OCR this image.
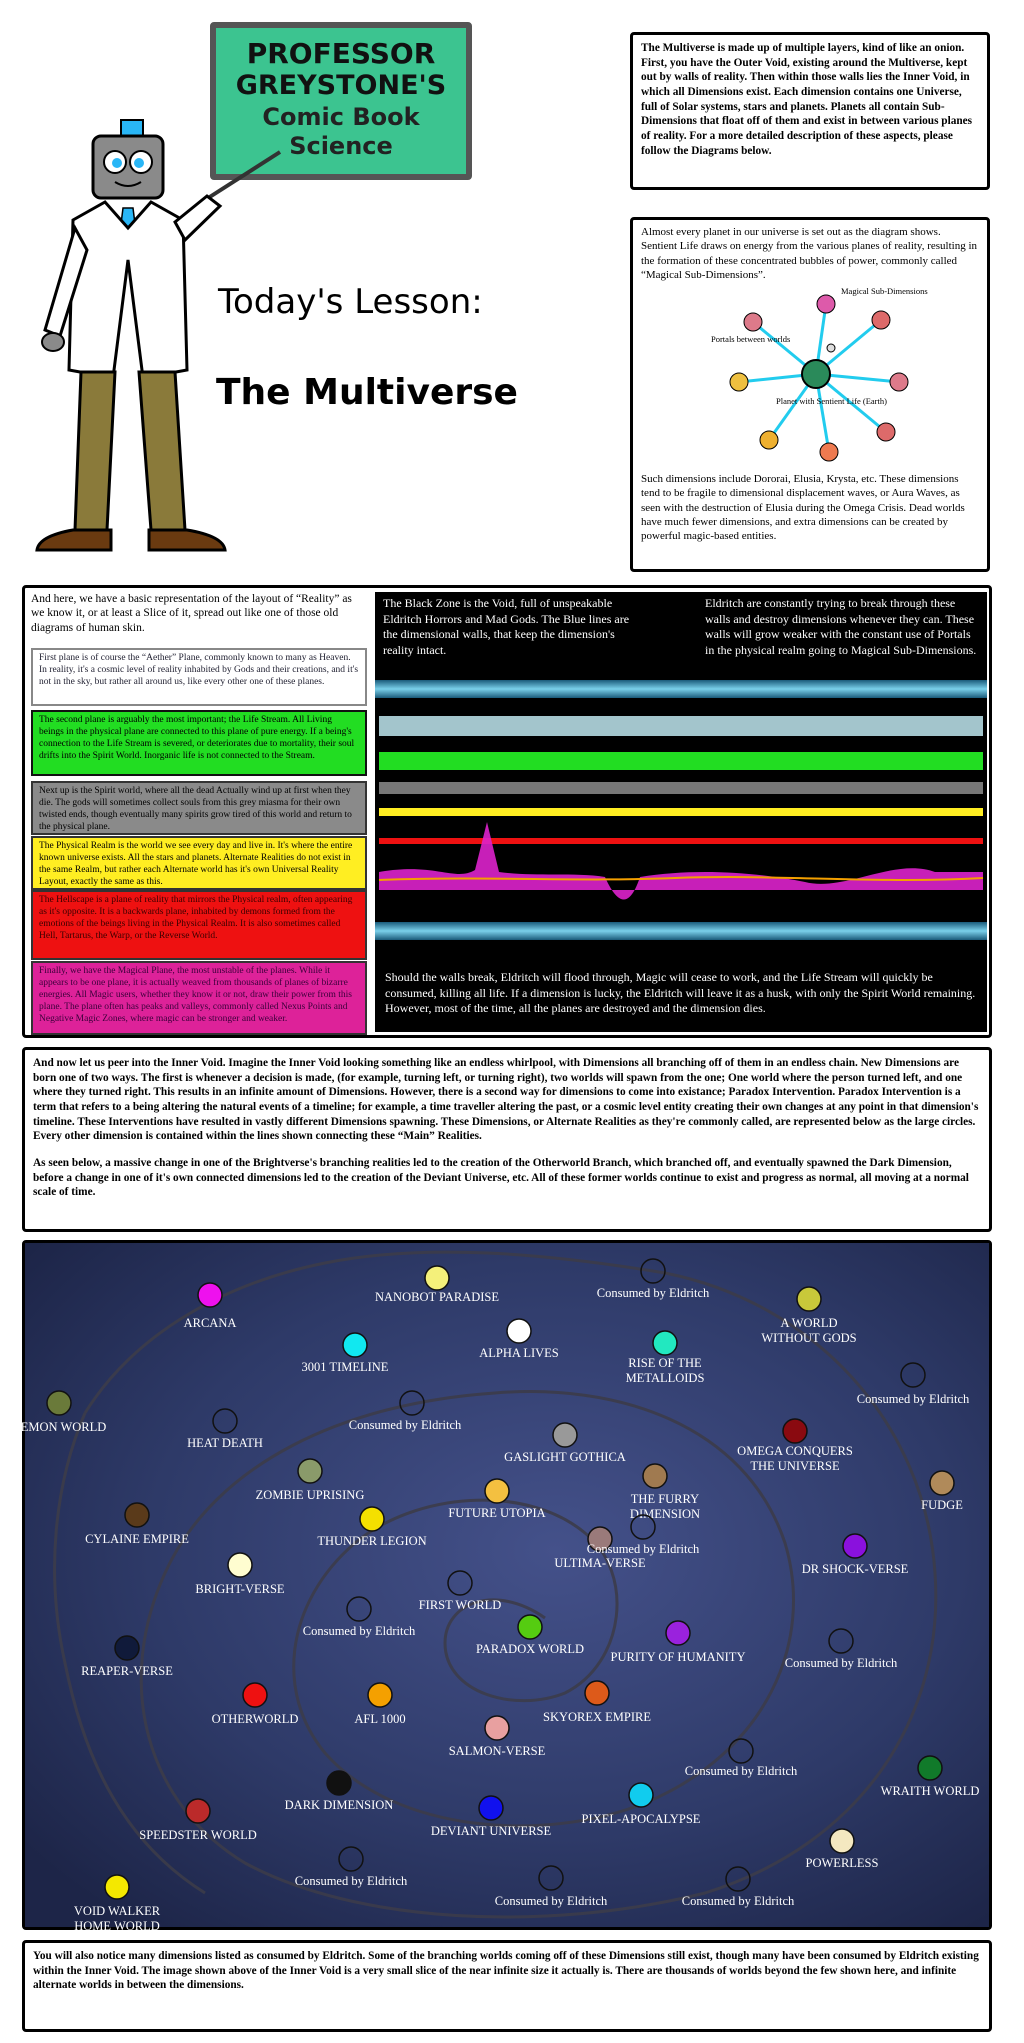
PROFESSOR
GREYSTONE'S
Comic Book
Science
Today's Lesson:
The Multiverse
The Multiverse is made up of multiple layers, kind of like an onion. First, you have the Outer Void, existing around the Multiverse, kept out by walls of reality. Then within those walls lies the Inner Void, in which all Dimensions exist. Each dimension contains one Universe, full of Solar systems, stars and planets. Planets all contain Sub-Dimensions that float off of them and exist in between various planes of reality. For a more detailed description of these aspects, please follow the Diagrams below.
Almost every planet in our universe is set out as the diagram shows. Sentient Life draws on energy from the various planes of reality, resulting in the formation of these concentrated bubbles of power, commonly called “Magical Sub-Dimensions”.
Magical Sub-Dimensions
Portals between worlds
Planet with Sentient Life (Earth)
Such dimensions include Dororai, Elusia, Krysta, etc. These dimensions tend to be fragile to dimensional displacement waves, or Aura Waves, as seen with the destruction of Elusia during the Omega Crisis. Dead worlds have much fewer dimensions, and extra dimensions can be created by powerful magic-based entities.
And here, we have a basic representation of the layout of “Reality” as we know it, or at least a Slice of it, spread out like one of those old diagrams of human skin.
First plane is of course the “Aether” Plane, commonly known to many as Heaven. In reality, it's a cosmic level of reality inhabited by Gods and their creations, and it's not in the sky, but rather all around us, like every other one of these planes.
The second plane is arguably the most important; the Life Stream. All Living beings in the physical plane are connected to this plane of pure energy. If a being's connection to the Life Stream is severed, or deteriorates due to mortality, their soul drifts into the Spirit World. Inorganic life is not connected to the Stream.
Next up is the Spirit world, where all the dead Actually wind up at first when they die. The gods will sometimes collect souls from this grey miasma for their own twisted ends, though eventually many spirits grow tired of this world and return to the physical plane.
The Physical Realm is the world we see every day and live in. It's where the entire known universe exists. All the stars and planets. Alternate Realities do not exist in the same Realm, but rather each Alternate world has it's own Universal Reality Layout, exactly the same as this.
The Hellscape is a plane of reality that mirrors the Physical realm, often appearing as it's opposite. It is a backwards plane, inhabited by demons formed from the emotions of the beings living in the Physical Realm. It is also sometimes called Hell, Tartarus, the Warp, or the Reverse World.
Finally, we have the Magical Plane, the most unstable of the planes. While it appears to be one plane, it is actually weaved from thousands of planes of bizarre energies. All Magic users, whether they know it or not, draw their power from this plane. The plane often has peaks and valleys, commonly called Nexus Points and Negative Magic Zones, where magic can be stronger and weaker.
The Black Zone is the Void, full of unspeakable Eldritch Horrors and Mad Gods. The Blue lines are the dimensional walls, that keep the dimension's reality intact.
Eldritch are constantly trying to break through these walls and destroy dimensions whenever they can. These walls will grow weaker with the constant use of Portals in the physical realm going to Magical Sub-Dimensions.
Should the walls break, Eldritch will flood through, Magic will cease to work, and the Life Stream will quickly be consumed, killing all life. If a dimension is lucky, the Eldritch will leave it as a husk, with only the Spirit World remaining. However, most of the time, all the planes are destroyed and the dimension dies.
And now let us peer into the Inner Void. Imagine the Inner Void looking something like an endless whirlpool, with Dimensions all branching off of them in an endless chain. New Dimensions are born one of two ways. The first is whenever a decision is made, (for example, turning left, or turning right), two worlds will spawn from the one; One world where the person turned left, and one where they turned right. This results in an infinite amount of Dimensions. However, there is a second way for dimensions to come into existance; Paradox Intervention. Paradox Intervention is a term that refers to a being altering the natural events of a timeline; for example, a time traveller altering the past, or a cosmic level entity creating their own changes at any point in that dimension's timeline. These Interventions have resulted in vastly different Dimensions spawning. These Dimensions, or Alternate Realities as they're commonly called, are represented below as the large circles. Every other dimension is contained within the lines shown connecting these “Main” Realities.
As seen below, a massive change in one of the Brightverse's branching realities led to the creation of the Otherworld Branch, which branched off, and eventually spawned the Dark Dimension, before a change in one of it's own connected dimensions led to the creation of the Deviant Universe, etc. All of these former worlds continue to exist and progress as normal, all moving at a normal scale of time.
NANOBOT PARADISE
ARCANA	A WORLD WITHOUT GODS
ALPHA LIVES
3001 TIMELINE	RISE OF THE METALLOIDS
DEMON WORLD
HEAT DEATH
GASLIGHT GOTHICA	OMEGA CONQUERS THE UNIVERSE
ZOMBIE UPRISING
FUTURE UTOPIA
THE FURRY DIMENSION
FUDGE
THUNDER LEGION
CYLAINE EMPIRE
ULTIMA-VERSE	DR SHOCK-VERSE
BRIGHT-VERSE
FIRST WORLD
PARADOX WORLD
PURITY OF HUMANITY
REAPER-VERSE
OTHERWORLD	AFL 1000
SALMON-VERSE
SKYOREX EMPIRE
WRAITH WORLD
DARK DIMENSION
SPEEDSTER WORLD	DEVIANT UNIVERSE
PIXEL-APOCALYPSE
POWERLESS
VOID WALKER HOME WORLD
Consumed by Eldritch
Consumed by Eldritch
Consumed by Eldritch
Consumed by Eldritch
Consumed by Eldritch
Consumed by Eldritch
Consumed by Eldritch
Consumed by Eldritch
Consumed by Eldritch	Consumed by Eldritch
You will also notice many dimensions listed as consumed by Eldritch. Some of the branching worlds coming off of these Dimensions still exist, though many have been consumed by Eldritch existing within the Inner Void. The image shown above of the Inner Void is a very small slice of the near infinite size it actually is. There are thousands of worlds beyond the few shown here, and infinite alternate worlds in between the dimensions.
